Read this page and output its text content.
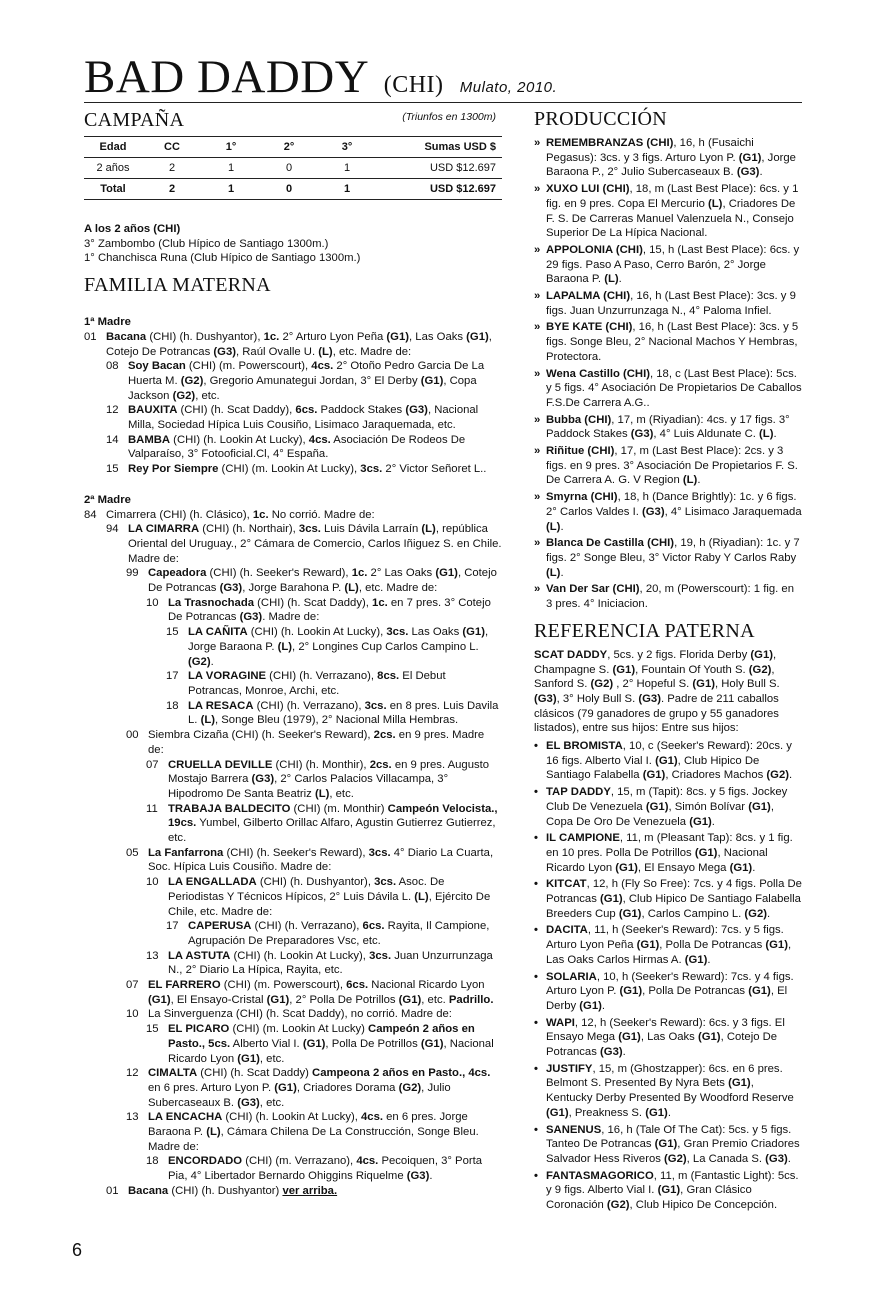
BAD DADDY (CHI) Mulato, 2010.
CAMPAÑA	(Triunfos en 1300m)
Edad	CC	1°	2°	3°	Sumas USD $
2 años	2	1	0	1	USD $12.697
Total	2	1	0	1	USD $12.697
A los 2 años (CHI)
3° Zambombo (Club Hípico de Santiago 1300m.)
1° Chanchisca Runa (Club Hípico de Santiago 1300m.)
FAMILIA MATERNA
1ª Madre
01 Bacana (CHI) (h. Dushyantor), 1c. 2° Arturo Lyon Peña (G1), Las Oaks (G1), Cotejo De Potrancas (G3), Raúl Ovalle U. (L), etc. Madre de:
08 Soy Bacan (CHI) (m. Powerscourt), 4cs. 2° Otoño Pedro Garcia De La Huerta M. (G2), Gregorio Amunategui Jordan, 3° El Derby (G1), Copa Jackson (G2), etc.
12 BAUXITA (CHI) (h. Scat Daddy), 6cs. Paddock Stakes (G3), Nacional Milla, Sociedad Hípica Luis Cousiño, Lisimaco Jaraquemada, etc.
14 BAMBA (CHI) (h. Lookin At Lucky), 4cs. Asociación De Rodeos De Valparaíso, 3° Fotooficial.Cl, 4° España.
15 Rey Por Siempre (CHI) (m. Lookin At Lucky), 3cs. 2° Victor Señoret L..
2ª Madre
84 Cimarrera (CHI) (h. Clásico), 1c. No corrió. Madre de:
94 LA CIMARRA (CHI) (h. Northair), 3cs. Luis Dávila Larraín (L), república Oriental del Uruguay., 2° Cámara de Comercio, Carlos Iñiguez S. en Chile. Madre de:
99 Capeadora (CHI) (h. Seeker's Reward), 1c. 2° Las Oaks (G1), Cotejo De Potrancas (G3), Jorge Barahona P. (L), etc. Madre de:
10 La Trasnochada (CHI) (h. Scat Daddy), 1c. en 7 pres. 3° Cotejo De Potrancas (G3). Madre de:
15 LA CAÑITA (CHI) (h. Lookin At Lucky), 3cs. Las Oaks (G1), Jorge Baraona P. (L), 2° Longines Cup Carlos Campino L. (G2).
17 LA VORAGINE (CHI) (h. Verrazano), 8cs. El Debut Potrancas, Monroe, Archi, etc.
18 LA RESACA (CHI) (h. Verrazano), 3cs. en 8 pres. Luis Davila L. (L), Songe Bleu (1979), 2° Nacional Milla Hembras.
00 Siembra Cizaña (CHI) (h. Seeker's Reward), 2cs. en 9 pres. Madre de:
07 CRUELLA DEVILLE (CHI) (h. Monthir), 2cs. en 9 pres. Augusto Mostajo Barrera (G3), 2° Carlos Palacios Villacampa, 3° Hipodromo De Santa Beatriz (L), etc.
11 TRABAJA BALDECITO (CHI) (m. Monthir) Campeón Velocista., 19cs. Yumbel, Gilberto Orillac Alfaro, Agustin Gutierrez Gutierrez, etc.
05 La Fanfarrona (CHI) (h. Seeker's Reward), 3cs. 4° Diario La Cuarta, Soc. Hípica Luis Cousiño. Madre de:
10 LA ENGALLADA (CHI) (h. Dushyantor), 3cs. Asoc. De Periodistas Y Técnicos Hípicos, 2° Luis Dávila L. (L), Ejército De Chile, etc. Madre de:
17 CAPERUSA (CHI) (h. Verrazano), 6cs. Rayita, Il Campione, Agrupación De Preparadores Vsc, etc.
13 LA ASTUTA (CHI) (h. Lookin At Lucky), 3cs. Juan Unzurrunzaga N., 2° Diario La Hípica, Rayita, etc.
07 EL FARRERO (CHI) (m. Powerscourt), 6cs. Nacional Ricardo Lyon (G1), El Ensayo-Cristal (G1), 2° Polla De Potrillos (G1), etc. Padrillo.
10 La Sinverguenza (CHI) (h. Scat Daddy), no corrió. Madre de:
15 EL PICARO (CHI) (m. Lookin At Lucky) Campeón 2 años en Pasto., 5cs. Alberto Vial I. (G1), Polla De Potrillos (G1), Nacional Ricardo Lyon (G1), etc.
12 CIMALTA (CHI) (h. Scat Daddy) Campeona 2 años en Pasto., 4cs. en 6 pres. Arturo Lyon P. (G1), Criadores Dorama (G2), Julio Subercaseaux B. (G3), etc.
13 LA ENCACHA (CHI) (h. Lookin At Lucky), 4cs. en 6 pres. Jorge Baraona P. (L), Cámara Chilena De La Construcción, Songe Bleu. Madre de:
18 ENCORDADO (CHI) (m. Verrazano), 4cs. Pecoiquen, 3° Porta Pia, 4° Libertador Bernardo Ohiggins Riquelme (G3).
01 Bacana (CHI) (h. Dushyantor) ver arriba.
PRODUCCIÓN
» REMEMBRANZAS (CHI), 16, h (Fusaichi Pegasus): 3cs. y 3 figs. Arturo Lyon P. (G1), Jorge Baraona P., 2° Julio Subercaseaux B. (G3).
» XUXO LUI (CHI), 18, m (Last Best Place): 6cs. y 1 fig. en 9 pres. Copa El Mercurio (L), Criadores De F. S. De Carreras Manuel Valenzuela N., Consejo Superior De La Hípica Nacional.
» APPOLONIA (CHI), 15, h (Last Best Place): 6cs. y 29 figs. Paso A Paso, Cerro Barón, 2° Jorge Baraona P. (L).
» LAPALMA (CHI), 16, h (Last Best Place): 3cs. y 9 figs. Juan Unzurrunzaga N., 4° Paloma Infiel.
» BYE KATE (CHI), 16, h (Last Best Place): 3cs. y 5 figs. Songe Bleu, 2° Nacional Machos Y Hembras, Protectora.
» Wena Castillo (CHI), 18, c (Last Best Place): 5cs. y 5 figs. 4° Asociación De Propietarios De Caballos F.S.De Carrera A.G..
» Bubba (CHI), 17, m (Riyadian): 4cs. y 17 figs. 3° Paddock Stakes (G3), 4° Luis Aldunate C. (L).
» Riñitue (CHI), 17, m (Last Best Place): 2cs. y 3 figs. en 9 pres. 3° Asociación De Propietarios F. S. De Carrera A. G. V Region (L).
» Smyrna (CHI), 18, h (Dance Brightly): 1c. y 6 figs. 2° Carlos Valdes I. (G3), 4° Lisimaco Jaraquemada (L).
» Blanca De Castilla (CHI), 19, h (Riyadian): 1c. y 7 figs. 2° Songe Bleu, 3° Victor Raby Y Carlos Raby (L).
» Van Der Sar (CHI), 20, m (Powerscourt): 1 fig. en 3 pres. 4° Iniciacion.
REFERENCIA PATERNA
SCAT DADDY, 5cs. y 2 figs. Florida Derby (G1), Champagne S. (G1), Fountain Of Youth S. (G2), Sanford S. (G2) , 2° Hopeful S. (G1), Holy Bull S. (G3), 3° Holy Bull S. (G3). Padre de 211 caballos clásicos (79 ganadores de grupo y 55 ganadores listados), entre sus hijos: Entre sus hijos:
• EL BROMISTA, 10, c (Seeker's Reward): 20cs. y 16 figs. Alberto Vial I. (G1), Club Hipico De Santiago Falabella (G1), Criadores Machos (G2).
• TAP DADDY, 15, m (Tapit): 8cs. y 5 figs. Jockey Club De Venezuela (G1), Simón Bolívar (G1), Copa De Oro De Venezuela (G1).
• IL CAMPIONE, 11, m (Pleasant Tap): 8cs. y 1 fig. en 10 pres. Polla De Potrillos (G1), Nacional Ricardo Lyon (G1), El Ensayo Mega (G1).
• KITCAT, 12, h (Fly So Free): 7cs. y 4 figs. Polla De Potrancas (G1), Club Hipico De Santiago Falabella Breeders Cup (G1), Carlos Campino L. (G2).
• DACITA, 11, h (Seeker's Reward): 7cs. y 5 figs. Arturo Lyon Peña (G1), Polla De Potrancas (G1), Las Oaks Carlos Hirmas A. (G1).
• SOLARIA, 10, h (Seeker's Reward): 7cs. y 4 figs. Arturo Lyon P. (G1), Polla De Potrancas (G1), El Derby (G1).
• WAPI, 12, h (Seeker's Reward): 6cs. y 3 figs. El Ensayo Mega (G1), Las Oaks (G1), Cotejo De Potrancas (G3).
• JUSTIFY, 15, m (Ghostzapper): 6cs. en 6 pres. Belmont S. Presented By Nyra Bets (G1), Kentucky Derby Presented By Woodford Reserve (G1), Preakness S. (G1).
• SANENUS, 16, h (Tale Of The Cat): 5cs. y 5 figs. Tanteo De Potrancas (G1), Gran Premio Criadores Salvador Hess Riveros (G2), La Canada S. (G3).
• FANTASMAGORICO, 11, m (Fantastic Light): 5cs. y 9 figs. Alberto Vial I. (G1), Gran Clásico Coronación (G2), Club Hipico De Concepción.
6
